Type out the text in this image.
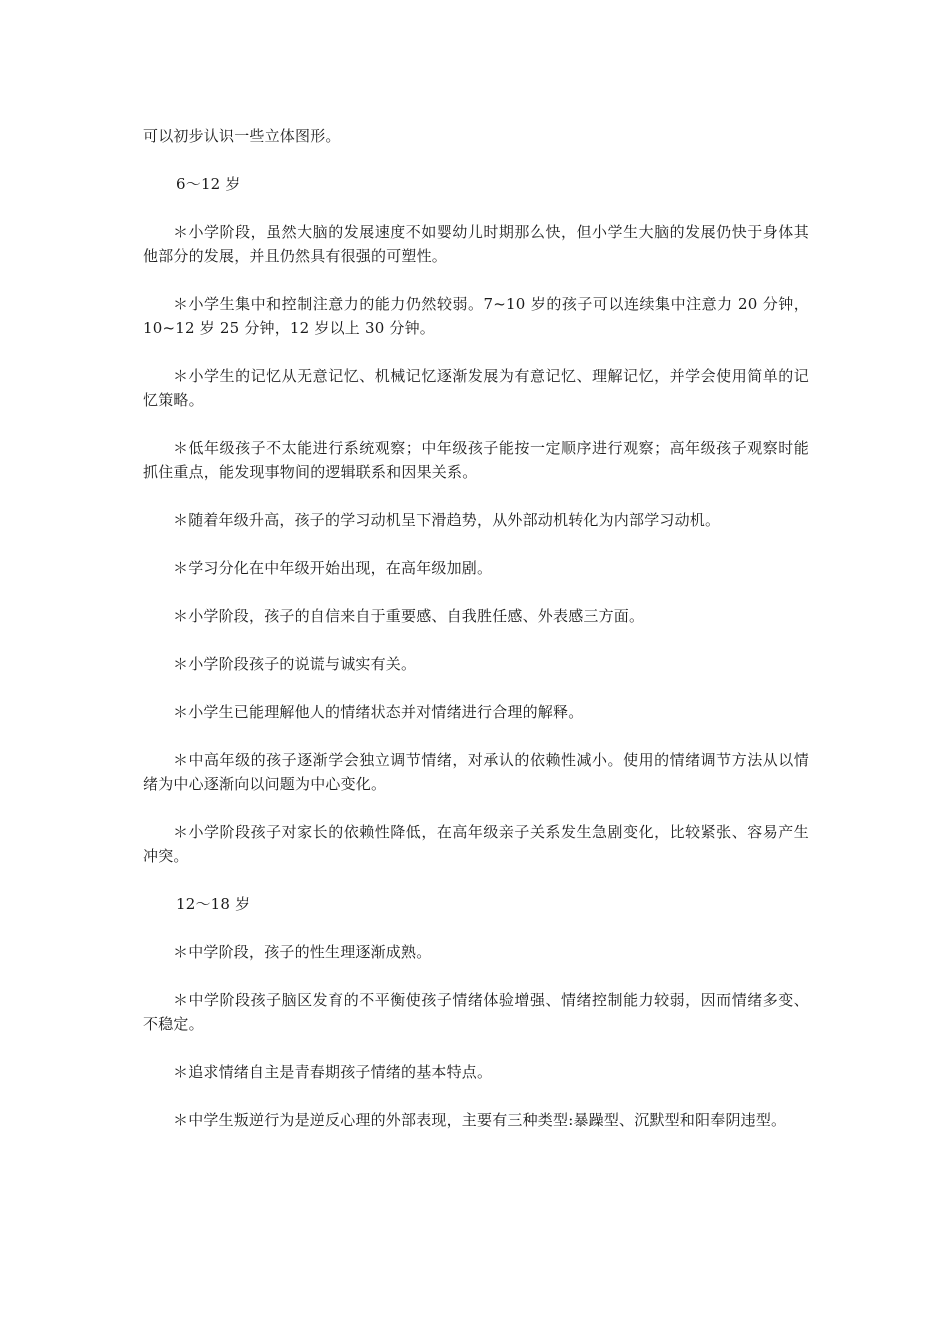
可以初步认识一些立体图形。

6～12 岁

＊小学阶段，虽然大脑的发展速度不如婴幼儿时期那么快，但小学生大脑的发展仍快于身体其他部分的发展，并且仍然具有很强的可塑性。

＊小学生集中和控制注意力的能力仍然较弱。7~10 岁的孩子可以连续集中注意力 20 分钟，10~12 岁 25 分钟，12 岁以上 30 分钟。

＊小学生的记忆从无意记忆、机械记忆逐渐发展为有意记忆、理解记忆，并学会使用简单的记忆策略。

＊低年级孩子不太能进行系统观察；中年级孩子能按一定顺序进行观察；高年级孩子观察时能抓住重点，能发现事物间的逻辑联系和因果关系。

＊随着年级升高，孩子的学习动机呈下滑趋势，从外部动机转化为内部学习动机。

＊学习分化在中年级开始出现，在高年级加剧。

＊小学阶段，孩子的自信来自于重要感、自我胜任感、外表感三方面。

＊小学阶段孩子的说谎与诚实有关。

＊小学生已能理解他人的情绪状态并对情绪进行合理的解释。

＊中高年级的孩子逐渐学会独立调节情绪，对承认的依赖性减小。使用的情绪调节方法从以情绪为中心逐渐向以问题为中心变化。

＊小学阶段孩子对家长的依赖性降低，在高年级亲子关系发生急剧变化，比较紧张、容易产生冲突。

12～18 岁

＊中学阶段，孩子的性生理逐渐成熟。

＊中学阶段孩子脑区发育的不平衡使孩子情绪体验增强、情绪控制能力较弱，因而情绪多变、不稳定。

＊追求情绪自主是青春期孩子情绪的基本特点。

＊中学生叛逆行为是逆反心理的外部表现，主要有三种类型:暴躁型、沉默型和阳奉阴违型。
